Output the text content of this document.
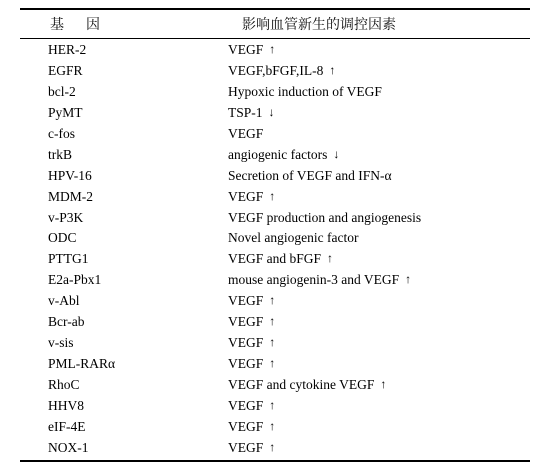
基 因	影响血管新生的调控因素
HER-2	VEGF ↑
EGFR	VEGF,bFGF,IL-8 ↑
bcl-2	Hypoxic induction of VEGF
PyMT	TSP-1 ↓
c-fos	VEGF
trkB	angiogenic factors ↓
HPV-16	Secretion of VEGF and IFN-α
MDM-2	VEGF ↑
v-P3K	VEGF production and angiogenesis
ODC	Novel angiogenic factor
PTTG1	VEGF and bFGF ↑
E2a-Pbx1	mouse angiogenin-3 and VEGF ↑
v-Abl	VEGF ↑
Bcr-ab	VEGF ↑
v-sis	VEGF ↑
PML-RARα	VEGF ↑
RhoC	VEGF and cytokine VEGF ↑
HHV8	VEGF ↑
eIF-4E	VEGF ↑
NOX-1	VEGF ↑
